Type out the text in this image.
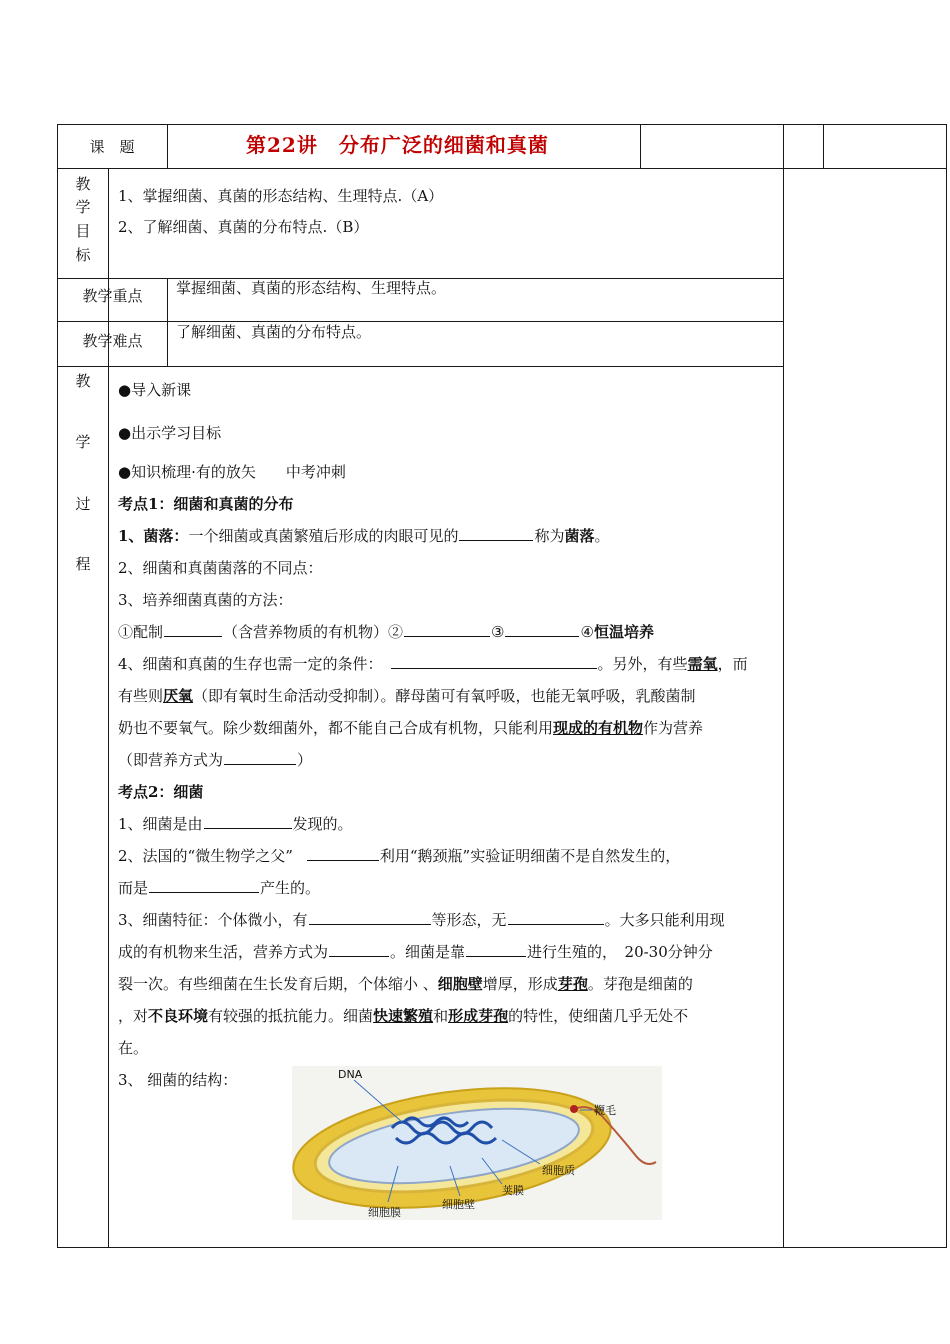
课　题	第22讲　分布广泛的细菌和真菌
教
学
目
标
1、掌握细菌、真菌的形态结构、生理特点.（A）
2、了解细菌、真菌的分布特点.（B）
教学重点	掌握细菌、真菌的形态结构、生理特点。
教学难点	了解细菌、真菌的分布特点。
教
学
过
程
●导入新课
●出示学习目标
●知识梳理·有的放矢　　中考冲刺
考点1：细菌和真菌的分布
1、菌落：一个细菌或真菌繁殖后形成的肉眼可见的	称为菌落。
2、细菌和真菌菌落的不同点：
3、培养细菌真菌的方法：
①配制	（含营养物质的有机物）②	③	④恒温培养
4、细菌和真菌的生存也需一定的条件：	。另外，有些需氧，而
有些则厌氧（即有氧时生命活动受抑制）。酵母菌可有氧呼吸，也能无氧呼吸，乳酸菌制
奶也不要氧气。除少数细菌外，都不能自己合成有机物，只能利用现成的有机物作为营养
（即营养方式为	）
考点2：细菌
1、细菌是由	发现的。
2、法国的“微生物学之父”	利用“鹅颈瓶”实验证明细菌不是自然发生的，
而是	产生的。
3、细菌特征：个体微小，有	等形态，无	。大多只能利用现
成的有机物来生活，营养方式为	。细菌是靠	进行生殖的，　20-30分钟分
裂一次。有些细菌在生长发育后期，个体缩小 、细胞壁增厚，形成芽孢。芽孢是细菌的
，对不良环境有较强的抵抗能力。细菌快速繁殖和形成芽孢的特性，使细菌几乎无处不
在。
3、 细菌的结构：	DNA
鞭毛
细胞质
荚膜
细胞壁
细胞膜
